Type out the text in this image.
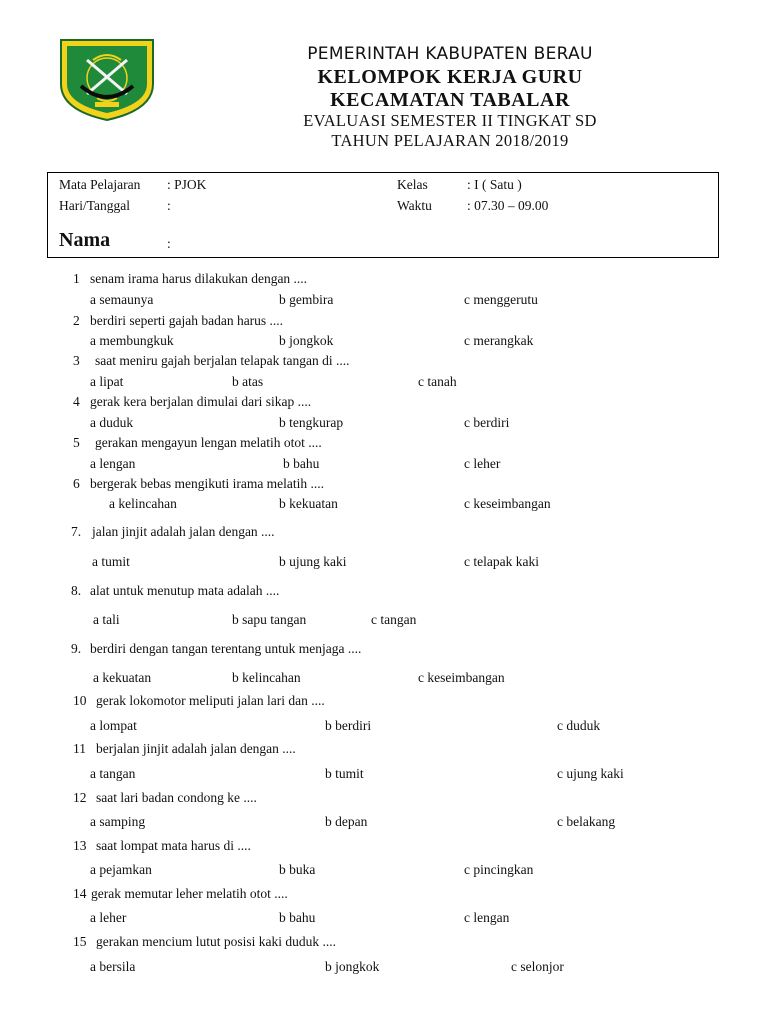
PEMERINTAH KABUPATEN BERAU
KELOMPOK KERJA GURU
KECAMATAN TABALAR
EVALUASI SEMESTER II TINGKAT SD
TAHUN PELAJARAN 2018/2019
Mata Pelajaran : PJOK
Hari/Tanggal	:
Kelas	: I ( Satu )
Waktu	: 07.30 – 09.00
Nama	:
1 senam irama harus dilakukan dengan ....
a semaunya	b gembira	c menggerutu
2 berdiri seperti gajah badan harus ....
a membungkuk	b jongkok	c merangkak
3 saat meniru gajah berjalan telapak tangan di ....
a lipat	b atas	c tanah
4 gerak kera berjalan dimulai dari sikap ....
a duduk	b tengkurap	c berdiri
5 gerakan mengayun lengan melatih otot ....
a lengan	b bahu	c leher
6 bergerak bebas mengikuti irama melatih ....
a kelincahan	b kekuatan	c keseimbangan
7. jalan jinjit adalah jalan dengan ....
a tumit	b ujung kaki	c telapak kaki
8. alat untuk menutup mata adalah ....
a tali	b sapu tangan	c tangan
9. berdiri dengan tangan terentang untuk menjaga ....
a kekuatan	b kelincahan	c keseimbangan
10 gerak lokomotor meliputi jalan lari dan ....
a lompat	b berdiri	c duduk
11 berjalan jinjit adalah jalan dengan ....
a tangan	b tumit	c ujung kaki
12 saat lari badan condong ke ....
a samping	b depan	c belakang
13 saat lompat mata harus di ....
a pejamkan	b buka	c pincingkan
14 gerak memutar leher melatih otot ....
a leher	b bahu	c lengan
15 gerakan mencium lutut posisi kaki duduk ....
a bersila	b jongkok	c selonjor
